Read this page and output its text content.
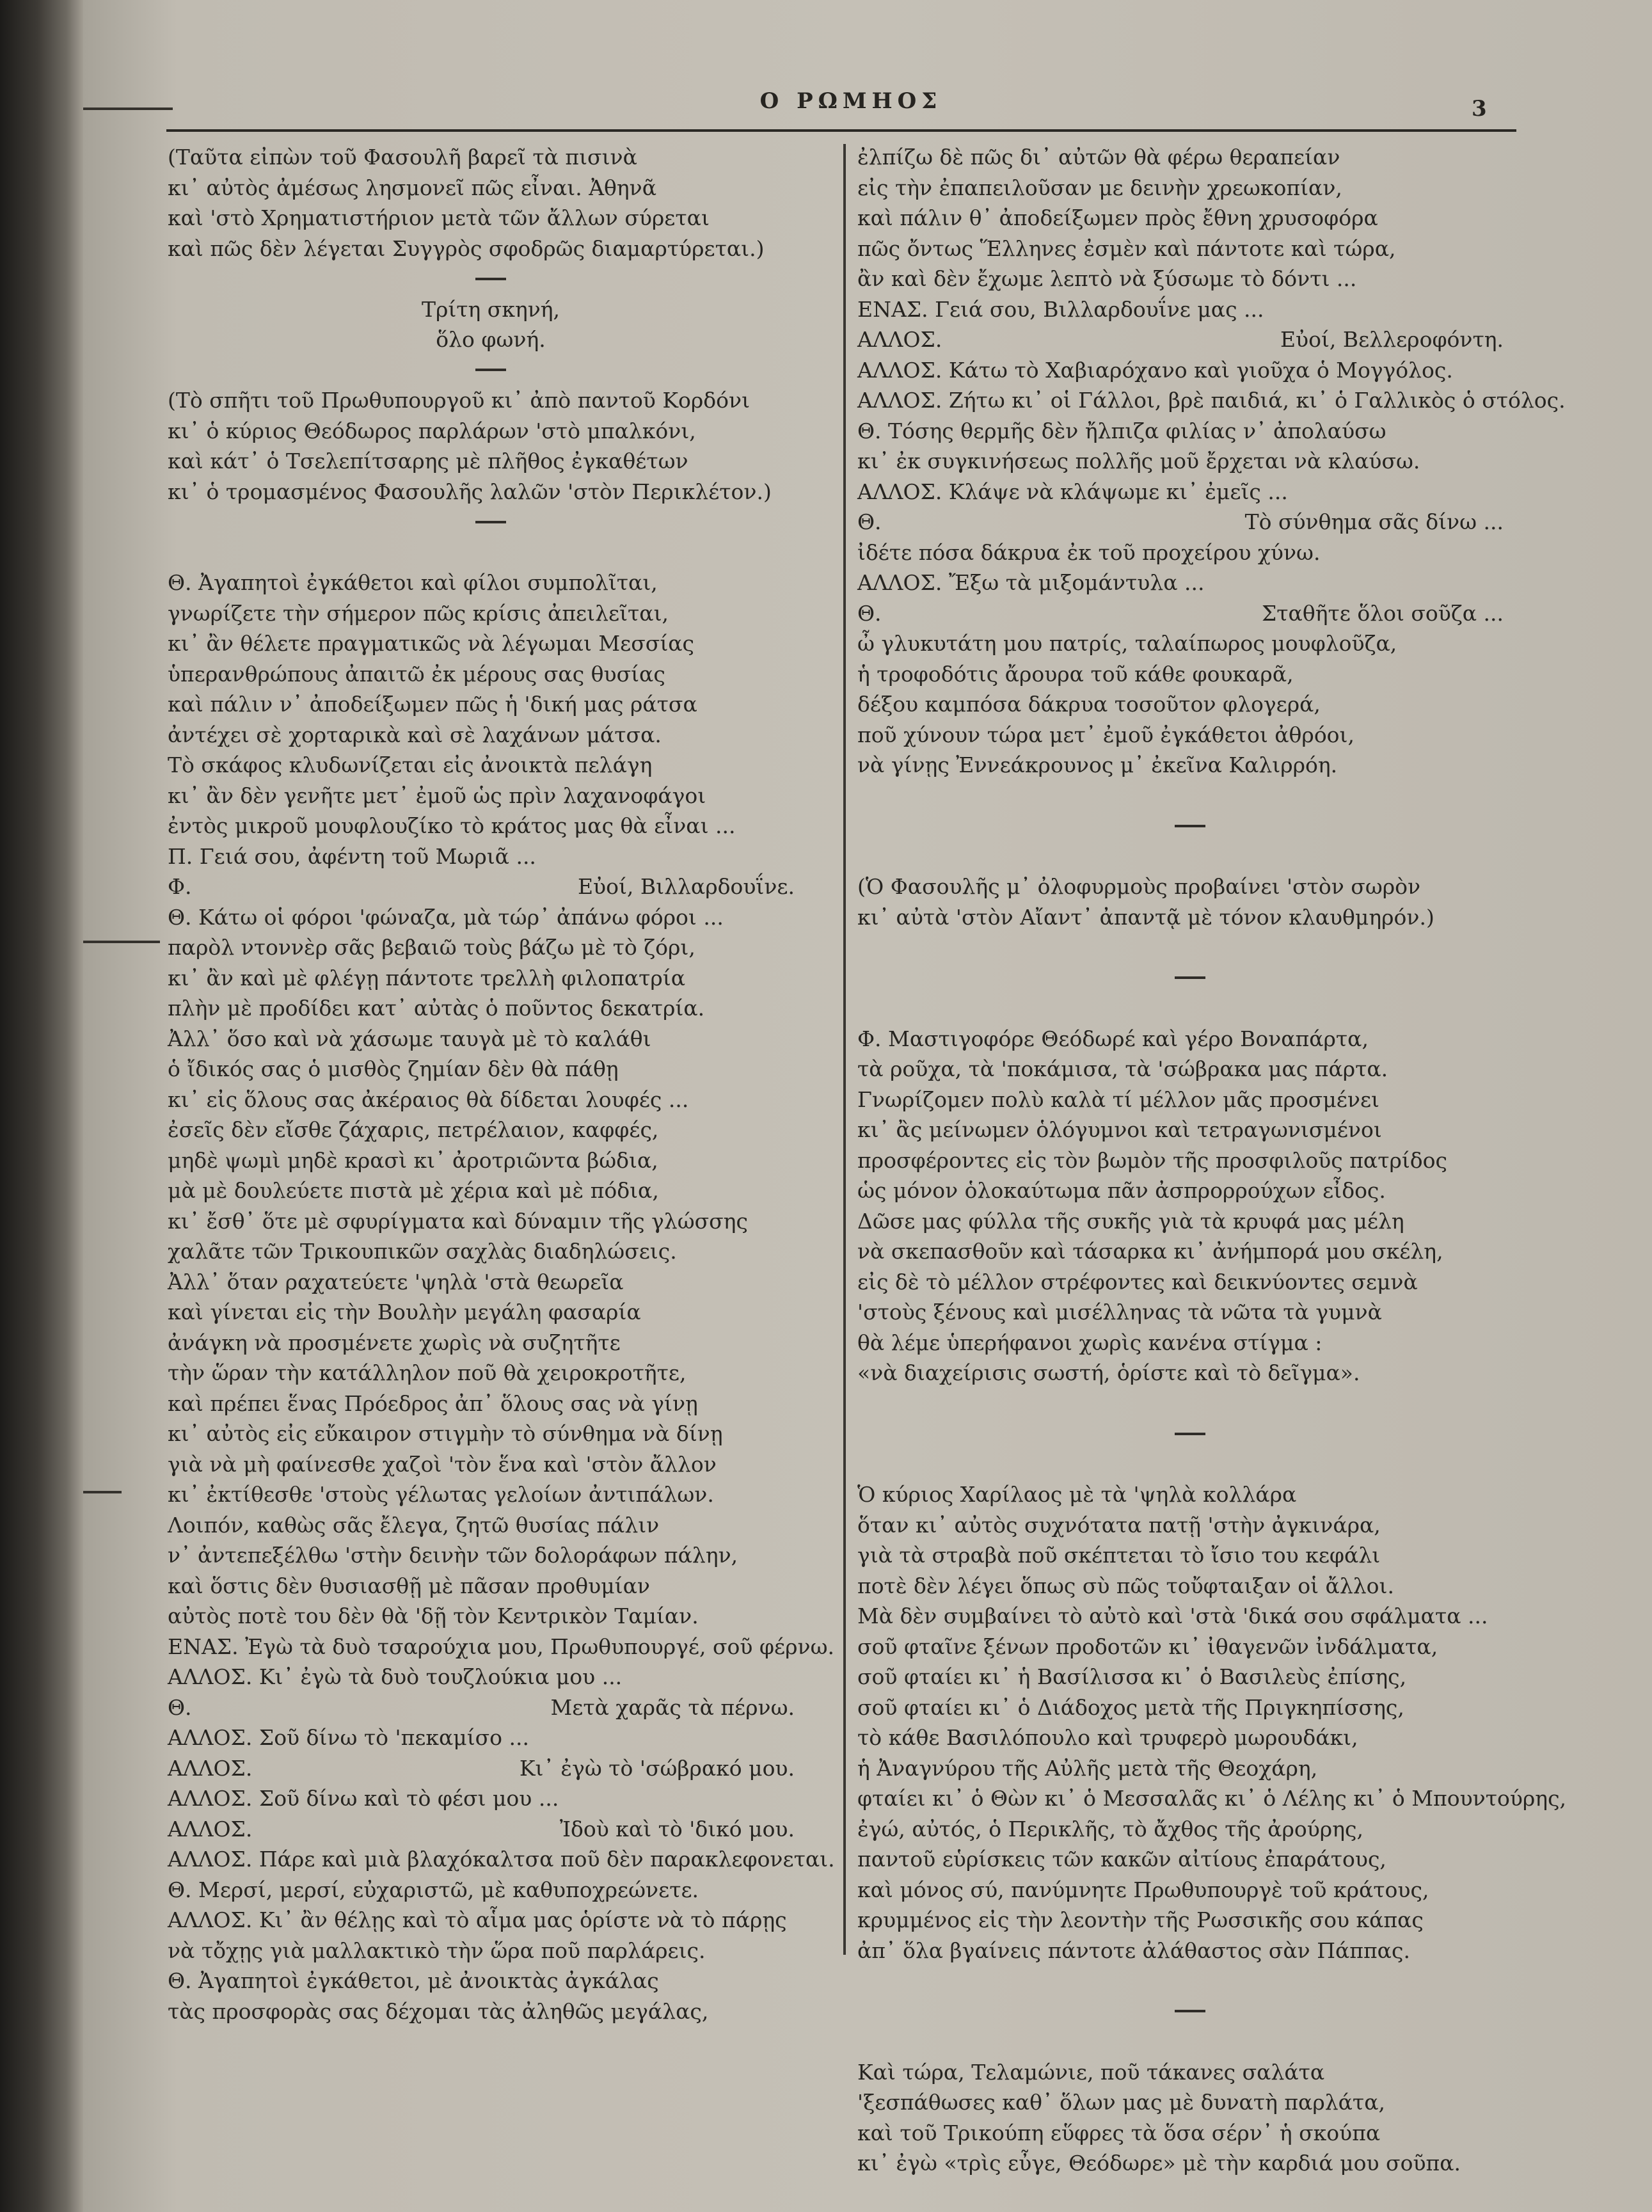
Ο ΡΩΜΗΟΣ	3
(Ταῦτα εἰπὼν τοῦ Φασουλῆ βαρεῖ τὰ πισινὰ
κι᾿ αὐτὸς ἀμέσως λησμονεῖ πῶς εἶναι. Ἀθηνᾶ
καὶ 'στὸ Χρηματιστήριον μετὰ τῶν ἄλλων σύρεται
καὶ πῶς δὲν λέγεται Συγγρὸς σφοδρῶς διαμαρτύρεται.)
Τρίτη σκηνή,
ὅλο φωνή.
(Τὸ σπῆτι τοῦ Πρωθυπουργοῦ κι᾿ ἀπὸ παντοῦ Κορδόνι
κι᾿ ὁ κύριος Θεόδωρος παρλάρων 'στὸ μπαλκόνι,
καὶ κάτ᾿ ὁ Τσελεπίτσαρης μὲ πλῆθος ἐγκαθέτων
κι᾿ ὁ τρομασμένος Φασουλῆς λαλῶν 'στὸν Περικλέτον.)
Θ. Ἀγαπητοὶ ἐγκάθετοι καὶ φίλοι συμπολῖται,
γνωρίζετε τὴν σήμερον πῶς κρίσις ἀπειλεῖται,
κι᾿ ἂν θέλετε πραγματικῶς νὰ λέγωμαι Μεσσίας
ὑπερανθρώπους ἀπαιτῶ ἐκ μέρους σας θυσίας
καὶ πάλιν ν᾿ ἀποδείξωμεν πῶς ἡ 'δική μας ράτσα
ἀντέχει σὲ χορταρικὰ καὶ σὲ λαχάνων μάτσα.
Τὸ σκάφος κλυδωνίζεται εἰς ἀνοικτὰ πελάγη
κι᾿ ἂν δὲν γενῆτε μετ᾿ ἐμοῦ ὡς πρὶν λαχανοφάγοι
ἐντὸς μικροῦ μουφλουζίκο τὸ κράτος μας θὰ εἶναι ...
Π. Γειά σου, ἀφέντη τοῦ Μωριᾶ ...
Φ.	Εὐοί, Βιλλαρδουΐνε.
Θ. Κάτω οἱ φόροι 'φώναζα, μὰ τώρ᾿ ἀπάνω φόροι ...
παρὸλ ντοννὲρ σᾶς βεβαιῶ τοὺς βάζω μὲ τὸ ζόρι,
κι᾿ ἂν καὶ μὲ φλέγῃ πάντοτε τρελλὴ φιλοπατρία
πλὴν μὲ προδίδει κατ᾿ αὐτὰς ὁ ποῦντος δεκατρία.
Ἀλλ᾿ ὅσο καὶ νὰ χάσωμε ταυγὰ μὲ τὸ καλάθι
ὁ ἴδικός σας ὁ μισθὸς ζημίαν δὲν θὰ πάθῃ
κι᾿ εἰς ὅλους σας ἀκέραιος θὰ δίδεται λουφές ...
ἐσεῖς δὲν εἴσθε ζάχαρις, πετρέλαιον, καφφές,
μηδὲ ψωμὶ μηδὲ κρασὶ κι᾿ ἀροτριῶντα βώδια,
μὰ μὲ δουλεύετε πιστὰ μὲ χέρια καὶ μὲ πόδια,
κι᾿ ἔσθ᾿ ὅτε μὲ σφυρίγματα καὶ δύναμιν τῆς γλώσσης
χαλᾶτε τῶν Τρικουπικῶν σαχλὰς διαδηλώσεις.
Ἀλλ᾿ ὅταν ραχατεύετε 'ψηλὰ 'στὰ θεωρεῖα
καὶ γίνεται εἰς τὴν Βουλὴν μεγάλη φασαρία
ἀνάγκη νὰ προσμένετε χωρὶς νὰ συζητῆτε
τὴν ὥραν τὴν κατάλληλον ποῦ θὰ χειροκροτῆτε,
καὶ πρέπει ἕνας Πρόεδρος ἀπ᾿ ὅλους σας νὰ γίνῃ
κι᾿ αὐτὸς εἰς εὔκαιρον στιγμὴν τὸ σύνθημα νὰ δίνῃ
γιὰ νὰ μὴ φαίνεσθε χαζοὶ 'τὸν ἕνα καὶ 'στὸν ἄλλον
κι᾿ ἐκτίθεσθε 'στοὺς γέλωτας γελοίων ἀντιπάλων.
Λοιπόν, καθὼς σᾶς ἔλεγα, ζητῶ θυσίας πάλιν
ν᾿ ἀντεπεξέλθω 'στὴν δεινὴν τῶν δολοράφων πάλην,
καὶ ὅστις δὲν θυσιασθῇ μὲ πᾶσαν προθυμίαν
αὐτὸς ποτὲ του δὲν θὰ 'δῇ τὸν Κεντρικὸν Ταμίαν.
ΕΝΑΣ. Ἐγὼ τὰ δυὸ τσαρούχια μου, Πρωθυπουργέ, σοῦ φέρνω.
ΑΛΛΟΣ. Κι᾿ ἐγὼ τὰ δυὸ τουζλούκια μου ...
Θ.	Μετὰ χαρᾶς τὰ πέρνω.
ΑΛΛΟΣ. Σοῦ δίνω τὸ 'πεκαμίσο ...
ΑΛΛΟΣ.	Κι᾿ ἐγὼ τὸ 'σώβρακό μου.
ΑΛΛΟΣ. Σοῦ δίνω καὶ τὸ φέσι μου ...
ΑΛΛΟΣ.	Ἰδοὺ καὶ τὸ 'δικό μου.
ΑΛΛΟΣ. Πάρε καὶ μιὰ βλαχόκαλτσα ποῦ δὲν παρακλεφονεται.
Θ. Μερσί, μερσί, εὐχαριστῶ, μὲ καθυποχρεώνετε.
ΑΛΛΟΣ. Κι᾿ ἂν θέλῃς καὶ τὸ αἷμα μας ὁρίστε νὰ τὸ πάρῃς
νὰ τὄχῃς γιὰ μαλλακτικὸ τὴν ὥρα ποῦ παρλάρεις.
Θ. Ἀγαπητοὶ ἐγκάθετοι, μὲ ἀνοικτὰς ἀγκάλας
τὰς προσφορὰς σας δέχομαι τὰς ἀληθῶς μεγάλας,
ἐλπίζω δὲ πῶς δι᾿ αὐτῶν θὰ φέρω θεραπείαν
εἰς τὴν ἐπαπειλοῦσαν με δεινὴν χρεωκοπίαν,
καὶ πάλιν θ᾿ ἀποδείξωμεν πρὸς ἔθνη χρυσοφόρα
πῶς ὄντως Ἕλληνες ἐσμὲν καὶ πάντοτε καὶ τώρα,
ἂν καὶ δὲν ἔχωμε λεπτὸ νὰ ξύσωμε τὸ δόντι ...
ΕΝΑΣ. Γειά σου, Βιλλαρδουΐνε μας ...
ΑΛΛΟΣ.	Εὐοί, Βελλεροφόντη.
ΑΛΛΟΣ. Κάτω τὸ Χαβιαρόχανο καὶ γιοῦχα ὁ Μογγόλος.
ΑΛΛΟΣ. Ζήτω κι᾿ οἱ Γάλλοι, βρὲ παιδιά, κι᾿ ὁ Γαλλικὸς ὁ στόλος.
Θ. Τόσης θερμῆς δὲν ἤλπιζα φιλίας ν᾿ ἀπολαύσω
κι᾿ ἐκ συγκινήσεως πολλῆς μοῦ ἔρχεται νὰ κλαύσω.
ΑΛΛΟΣ. Κλάψε νὰ κλάψωμε κι᾿ ἐμεῖς ...
Θ.	Τὸ σύνθημα σᾶς δίνω ...
ἰδέτε πόσα δάκρυα ἐκ τοῦ προχείρου χύνω.
ΑΛΛΟΣ. Ἔξω τὰ μιξομάντυλα ...
Θ.	Σταθῆτε ὅλοι σοῦζα ...
ὦ γλυκυτάτη μου πατρίς, ταλαίπωρος μουφλοῦζα,
ἡ τροφοδότις ἄρουρα τοῦ κάθε φουκαρᾶ,
δέξου καμπόσα δάκρυα τοσοῦτον φλογερά,
ποῦ χύνουν τώρα μετ᾿ ἐμοῦ ἐγκάθετοι ἀθρόοι,
νὰ γίνῃς Ἐννεάκρουνος μ᾿ ἐκεῖνα Καλιρρόη.
(Ὁ Φασουλῆς μ᾿ ὀλοφυρμοὺς προβαίνει 'στὸν σωρὸν
κι᾿ αὐτὰ 'στὸν Αἴαντ᾿ ἀπαντᾷ μὲ τόνον κλαυθμηρόν.)
Φ. Μαστιγοφόρε Θεόδωρέ καὶ γέρο Βοναπάρτα,
τὰ ροῦχα, τὰ 'ποκάμισα, τὰ 'σώβρακα μας πάρτα.
Γνωρίζομεν πολὺ καλὰ τί μέλλον μᾶς προσμένει
κι᾿ ἂς μείνωμεν ὁλόγυμνοι καὶ τετραγωνισμένοι
προσφέροντες εἰς τὸν βωμὸν τῆς προσφιλοῦς πατρίδος
ὡς μόνον ὁλοκαύτωμα πᾶν ἀσπρορρούχων εἶδος.
Δῶσε μας φύλλα τῆς συκῆς γιὰ τὰ κρυφά μας μέλη
νὰ σκεπασθοῦν καὶ τάσαρκα κι᾿ ἀνήμπορά μου σκέλη,
εἰς δὲ τὸ μέλλον στρέφοντες καὶ δεικνύοντες σεμνὰ
'στοὺς ξένους καὶ μισέλληνας τὰ νῶτα τὰ γυμνὰ
θὰ λέμε ὑπερήφανοι χωρὶς κανένα στίγμα :
«νὰ διαχείρισις σωστή, ὁρίστε καὶ τὸ δεῖγμα».
Ὁ κύριος Χαρίλαος μὲ τὰ 'ψηλὰ κολλάρα
ὅταν κι᾿ αὐτὸς συχνότατα πατῇ 'στὴν ἀγκινάρα,
γιὰ τὰ στραβὰ ποῦ σκέπτεται τὸ ἴσιο του κεφάλι
ποτὲ δὲν λέγει ὅπως σὺ πῶς τοὔφταιξαν οἱ ἄλλοι.
Μὰ δὲν συμβαίνει τὸ αὐτὸ καὶ 'στὰ 'δικά σου σφάλματα ...
σοῦ φταῖνε ξένων προδοτῶν κι᾿ ἰθαγενῶν ἰνδάλματα,
σοῦ φταίει κι᾿ ἡ Βασίλισσα κι᾿ ὁ Βασιλεὺς ἐπίσης,
σοῦ φταίει κι᾿ ὁ Διάδοχος μετὰ τῆς Πριγκηπίσσης,
τὸ κάθε Βασιλόπουλο καὶ τρυφερὸ μωρουδάκι,
ἡ Ἀναγνύρου τῆς Αὐλῆς μετὰ τῆς Θεοχάρη,
φταίει κι᾿ ὁ Θὼν κι᾿ ὁ Μεσσαλᾶς κι᾿ ὁ Λέλης κι᾿ ὁ Μπουντούρης,
ἐγώ, αὐτός, ὁ Περικλῆς, τὸ ἄχθος τῆς ἀρούρης,
παντοῦ εὑρίσκεις τῶν κακῶν αἰτίους ἐπαράτους,
καὶ μόνος σύ, πανύμνητε Πρωθυπουργὲ τοῦ κράτους,
κρυμμένος εἰς τὴν λεοντὴν τῆς Ρωσσικῆς σου κάπας
ἀπ᾿ ὅλα βγαίνεις πάντοτε ἀλάθαστος σὰν Πάππας.
Καὶ τώρα, Τελαμώνιε, ποῦ τάκανες σαλάτα
'ξεσπάθωσες καθ᾿ ὅλων μας μὲ δυνατὴ παρλάτα,
καὶ τοῦ Τρικούπη εὕφρες τὰ ὅσα σέρν᾿ ἡ σκούπα
κι᾿ ἐγὼ «τρὶς εὖγε, Θεόδωρε» μὲ τὴν καρδιά μου σοῦπα.
